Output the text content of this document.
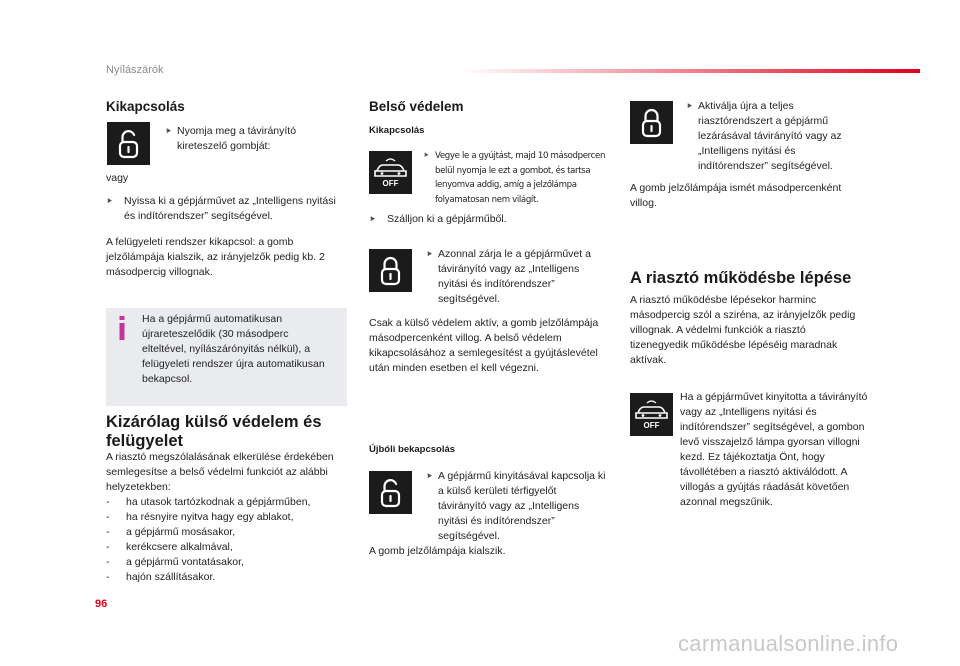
Nyílászárók
Kikapcsolás
⯈ Nyomja meg a távirányító kireteszelő gombját:
vagy
⯈	Nyissa ki a gépjárművet az „Intelligens nyitási és indítórendszer” segítségével.
A felügyeleti rendszer kikapcsol: a gomb jelzőlámpája kialszik, az irányjelzők pedig kb. 2 másodpercig villognak.
Ha a gépjármű automatikusan újrareteszelődik (30 másodperc elteltével, nyílászárónyitás nélkül), a felügyeleti rendszer újra automatikusan bekapcsol.
Kizárólag külső védelem és felügyelet
A riasztó megszólalásának elkerülése érdekében semlegesítse a belső védelmi funkciót az alábbi helyzetekben:
-	ha utasok tartózkodnak a gépjárműben,
-	ha résnyire nyitva hagy egy ablakot,
-	a gépjármű mosásakor,
-	kerékcsere alkalmával,
-	a gépjármű vontatásakor,
-	hajón szállításakor.
Belső védelem
Kikapcsolás
OFF
⯈ Vegye le a gyújtást, majd 10 másodpercen belül nyomja le ezt a gombot, és tartsa lenyomva addig, amíg a jelzőlámpa folyamatosan nem világít.
⯈	Szálljon ki a gépjárműből.
⯈ Azonnal zárja le a gépjárművet a távirányító vagy az „Intelligens nyitási és indítórendszer” segítségével.
Csak a külső védelem aktív, a gomb jelzőlámpája másodpercenként villog. A belső védelem kikapcsolásához a semlegesítést a gyújtáslevétel után minden esetben el kell végezni.
Újbóli bekapcsolás
⯈ A gépjármű kinyitásával kapcsolja ki a külső kerületi térfigyelőt távirányító vagy az „Intelligens nyitási és indítórendszer” segítségével.
A gomb jelzőlámpája kialszik.
⯈ Aktiválja újra a teljes riasztórendszert a gépjármű lezárásával távirányító vagy az „Intelligens nyitási és indítórendszer” segítségével.
A gomb jelzőlámpája ismét másodpercenként villog.
A riasztó működésbe lépése
A riasztó működésbe lépésekor harminc másodpercig szól a sziréna, az irányjelzők pedig villognak. A védelmi funkciók a riasztó tizenegyedik működésbe lépéséig maradnak aktívak.
OFF
Ha a gépjárművet kinyitotta a távirányító vagy az „Intelligens nyitási és indítórendszer” segítségével, a gombon levő visszajelző lámpa gyorsan villogni kezd. Ez tájékoztatja Önt, hogy távollétében a riasztó aktiválódott. A villogás a gyújtás ráadását követően azonnal megszűnik.
96
carmanualsonline.info
